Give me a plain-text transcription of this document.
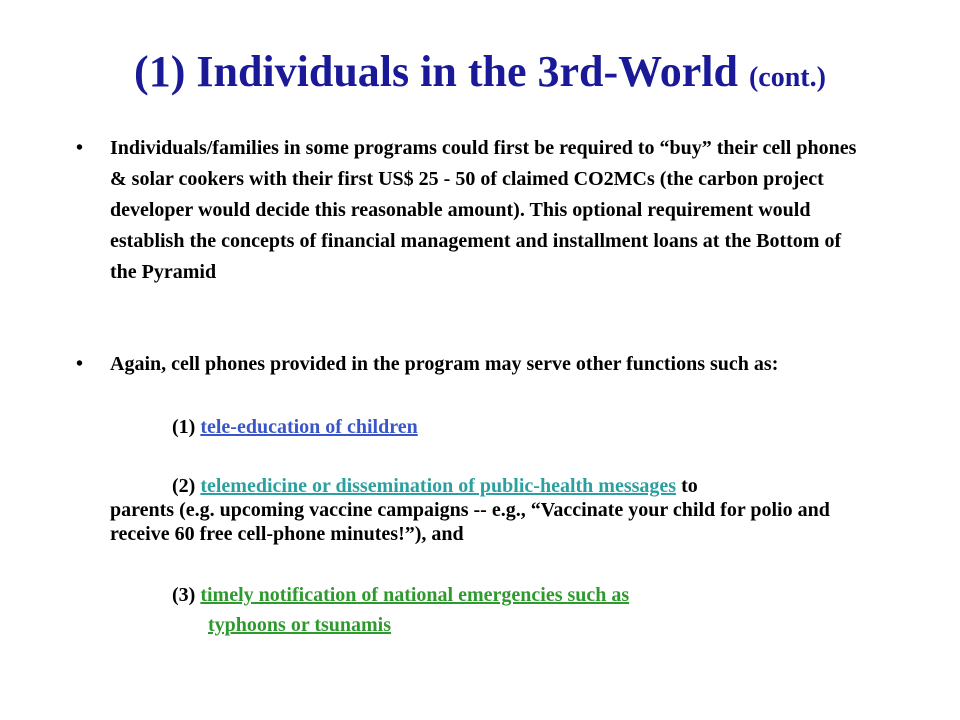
(1) Individuals in the 3rd-World (cont.)
• Individuals/families in some programs could first be required to “buy” their cell phones & solar cookers with their first US$ 25 - 50 of claimed CO2MCs (the carbon project developer would decide this reasonable amount). This optional requirement would establish the concepts of financial management and installment loans at the Bottom of the Pyramid
• Again, cell phones provided in the program may serve other functions such as:
(1) tele-education of children
(2) telemedicine or dissemination of public-health messages to
parents (e.g. upcoming vaccine campaigns -- e.g., “Vaccinate your child for polio and receive 60 free cell-phone minutes!”), and
(3) timely notification of national emergencies such as
typhoons or tsunamis
